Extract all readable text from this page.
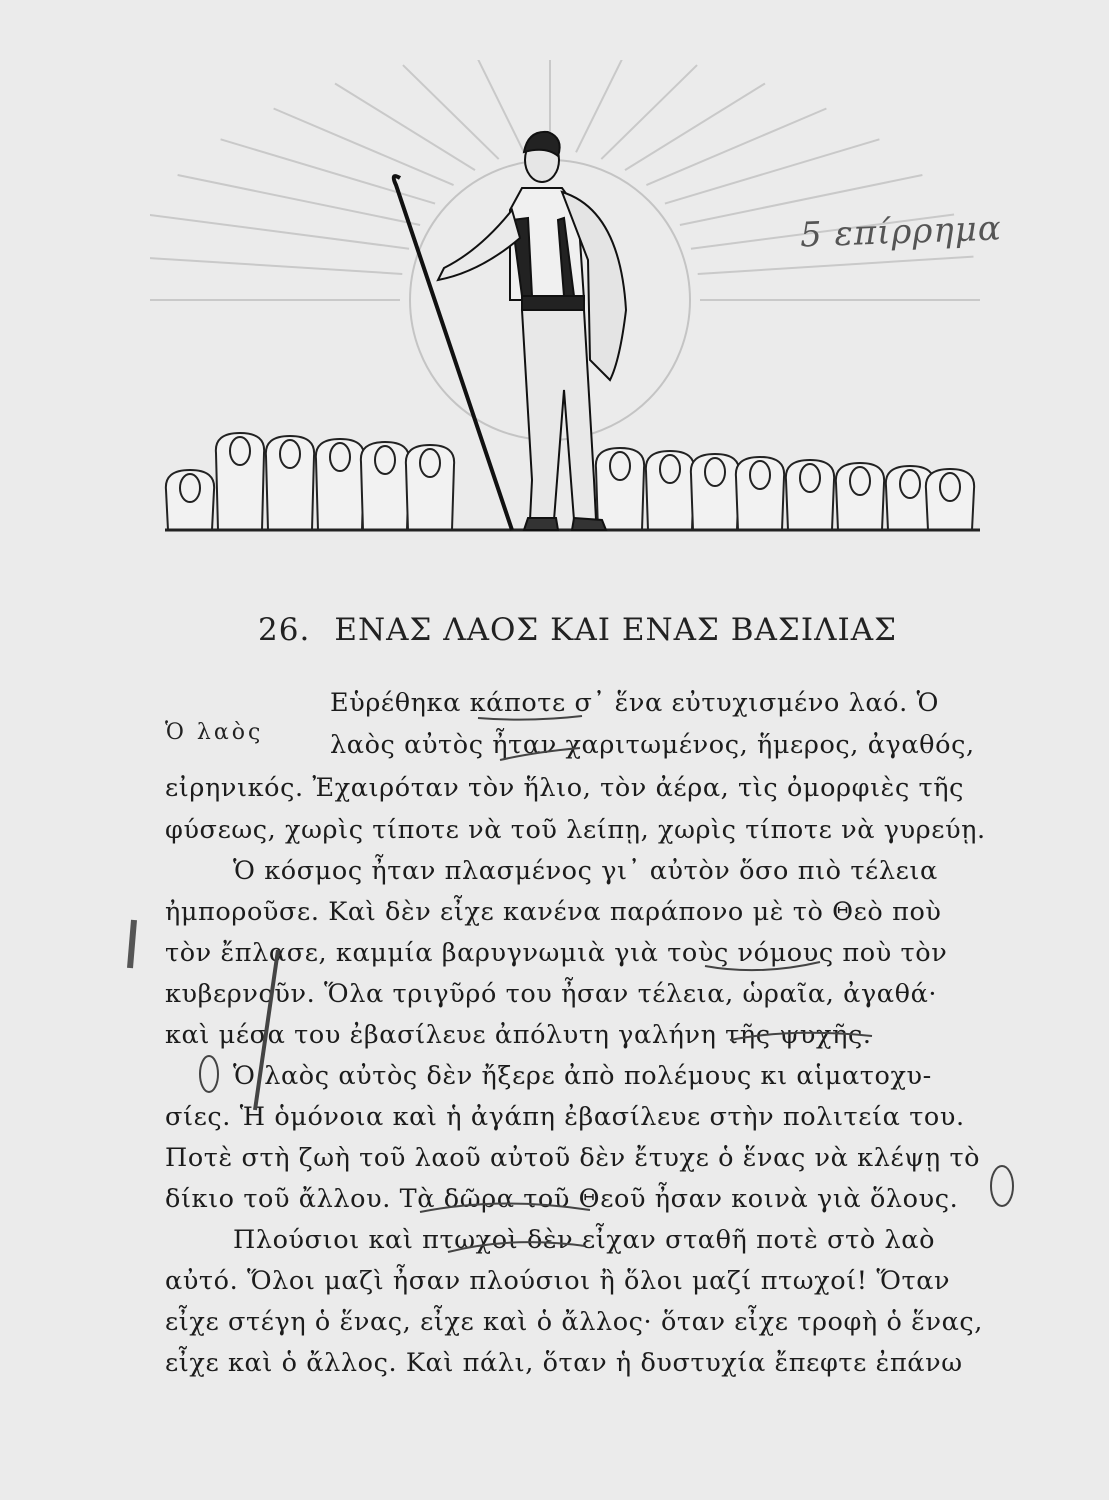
5 επίρρημα
26. ΕΝΑΣ ΛΑΟΣ ΚΑΙ ΕΝΑΣ ΒΑΣΙΛΙΑΣ
Ὁ λαὸς
Εὑρέθηκα κάποτε σ᾽ ἕνα εὐτυχισμένο λαό. Ὁ
λαὸς αὐτὸς ἦταν χαριτωμένος, ἥμερος, ἀγαθός,
εἰρηνικός. Ἐχαιρόταν τὸν ἥλιο, τὸν ἀέρα, τὶς ὀμορφιὲς τῆς
φύσεως, χωρὶς τίποτε νὰ τοῦ λείπῃ, χωρὶς τίποτε νὰ γυρεύῃ.
Ὁ κόσμος ἦταν πλασμένος γι᾽ αὐτὸν ὅσο πιὸ τέλεια
ἠμποροῦσε. Καὶ δὲν εἶχε κανένα παράπονο μὲ τὸ Θεὸ ποὺ
τὸν ἔπλασε, καμμία βαρυγνωμιὰ γιὰ τοὺς νόμους ποὺ τὸν
κυβερνοῦν. Ὅλα τριγῦρό του ἦσαν τέλεια, ὡραῖα, ἀγαθά·
καὶ μέσα του ἐβασίλευε ἀπόλυτη γαλήνη τῆς ψυχῆς.
Ὁ λαὸς αὐτὸς δὲν ἤξερε ἀπὸ πολέμους κι αἱματοχυ-
σίες. Ἡ ὁμόνοια καὶ ἡ ἀγάπη ἐβασίλευε στὴν πολιτεία του.
Ποτὲ στὴ ζωὴ τοῦ λαοῦ αὐτοῦ δὲν ἔτυχε ὁ ἕνας νὰ κλέψῃ τὸ
δίκιο τοῦ ἄλλου. Τὰ δῶρα τοῦ Θεοῦ ἦσαν κοινὰ γιὰ ὅλους.
Πλούσιοι καὶ πτωχοὶ δὲν εἶχαν σταθῆ ποτὲ στὸ λαὸ
αὐτό. Ὅλοι μαζὶ ἦσαν πλούσιοι ἢ ὅλοι μαζί πτωχοί! Ὅταν
εἶχε στέγη ὁ ἕνας, εἶχε καὶ ὁ ἄλλος· ὅταν εἶχε τροφὴ ὁ ἕνας,
εἶχε καὶ ὁ ἄλλος. Καὶ πάλι, ὅταν ἡ δυστυχία ἔπεφτε ἐπάνω
